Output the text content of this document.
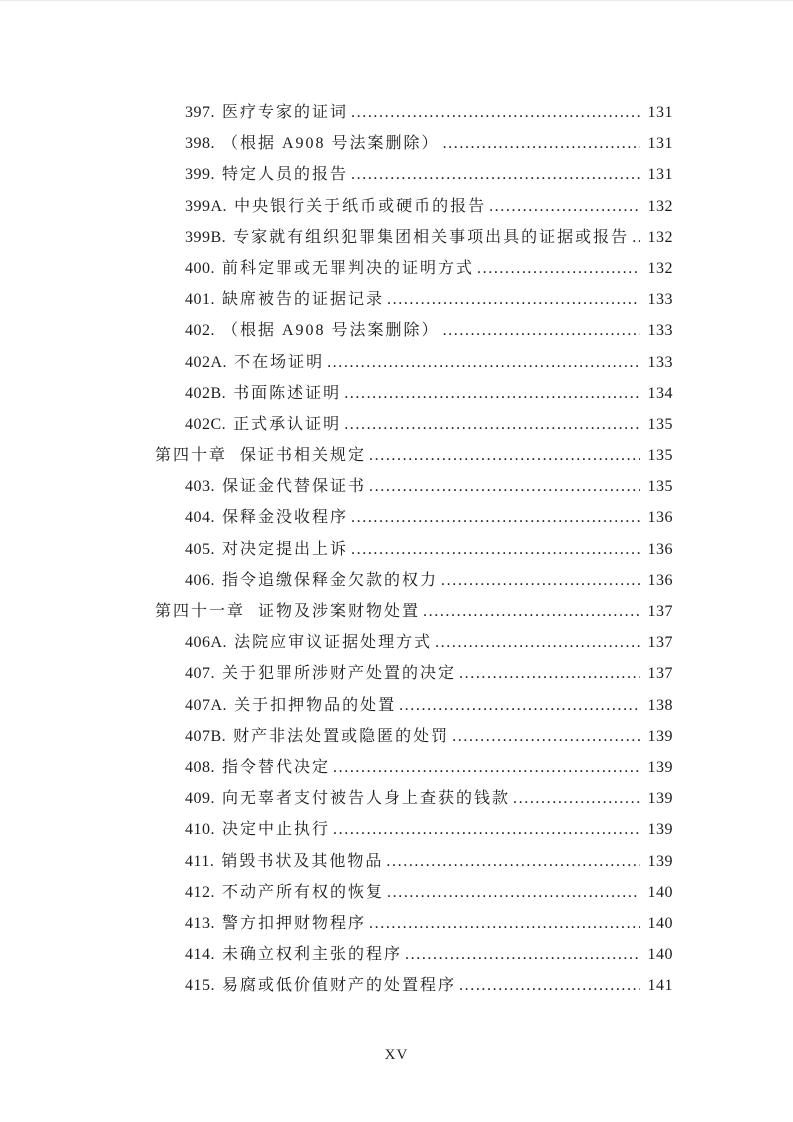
397. 医疗专家的证词 .....	131
398. （根据 A908 号法案删除） .....	131
399. 特定人员的报告 .....	131
399A. 中央银行关于纸币或硬币的报告 .....	132
399B. 专家就有组织犯罪集团相关事项出具的证据或报告 ..... 132
400. 前科定罪或无罪判决的证明方式 .....	132
401. 缺席被告的证据记录 .....	133
402. （根据 A908 号法案删除） .....	133
402A. 不在场证明 .....	133
402B. 书面陈述证明 .....	134
402C. 正式承认证明 .....	135
第四十章 保证书相关规定 .....	135
403. 保证金代替保证书 .....	135
404. 保释金没收程序 .....	136
405. 对决定提出上诉 .....	136
406. 指令追缴保释金欠款的权力 .....	136
第四十一章 证物及涉案财物处置 .....	137
406A. 法院应审议证据处理方式 .....	137
407. 关于犯罪所涉财产处置的决定 .....	137
407A. 关于扣押物品的处置 .....	138
407B. 财产非法处置或隐匿的处罚 .....	139
408. 指令替代决定 .....	139
409. 向无辜者支付被告人身上查获的钱款 .....	139
410. 决定中止执行 .....	139
411. 销毁书状及其他物品 .....	139
412. 不动产所有权的恢复 .....	140
413. 警方扣押财物程序 .....	140
414. 未确立权利主张的程序 .....	140
415. 易腐或低价值财产的处置程序 .....	141
XV
